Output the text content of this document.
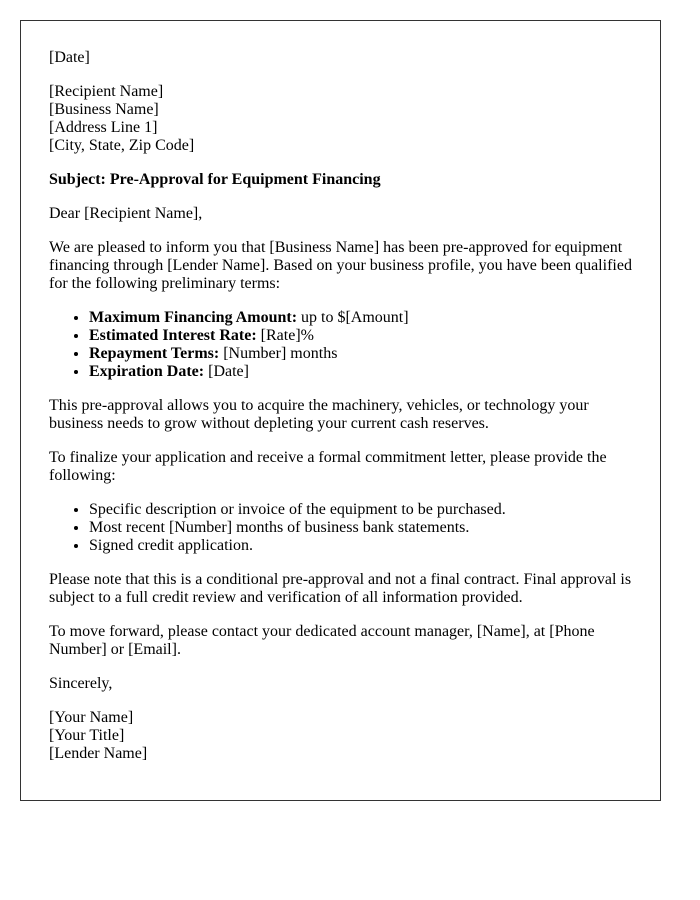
[Date]

[Recipient Name]
[Business Name]
[Address Line 1]
[City, State, Zip Code]

Subject: Pre-Approval for Equipment Financing

Dear [Recipient Name],

We are pleased to inform you that [Business Name] has been pre-approved for equipment financing through [Lender Name]. Based on your business profile, you have been qualified for the following preliminary terms:

• Maximum Financing Amount: up to $[Amount]
• Estimated Interest Rate: [Rate]%
• Repayment Terms: [Number] months
• Expiration Date: [Date]

This pre-approval allows you to acquire the machinery, vehicles, or technology your business needs to grow without depleting your current cash reserves.

To finalize your application and receive a formal commitment letter, please provide the following:

• Specific description or invoice of the equipment to be purchased.
• Most recent [Number] months of business bank statements.
• Signed credit application.

Please note that this is a conditional pre-approval and not a final contract. Final approval is subject to a full credit review and verification of all information provided.

To move forward, please contact your dedicated account manager, [Name], at [Phone Number] or [Email].

Sincerely,

[Your Name]
[Your Title]
[Lender Name]
